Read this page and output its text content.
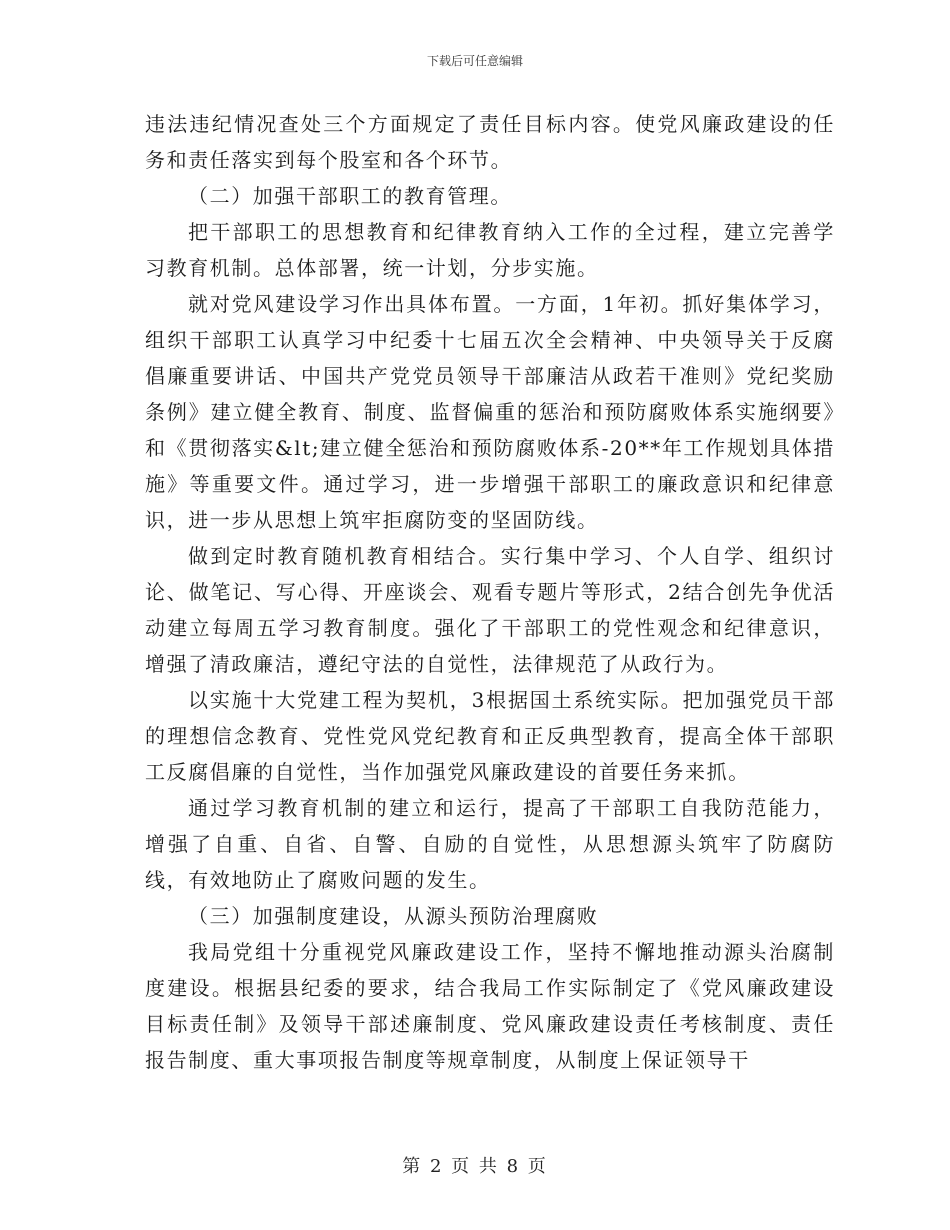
下载后可任意编辑

违法违纪情况查处三个方面规定了责任目标内容。使党风廉政建设的任务和责任落实到每个股室和各个环节。

（二）加强干部职工的教育管理。

把干部职工的思想教育和纪律教育纳入工作的全过程，建立完善学习教育机制。总体部署，统一计划，分步实施。

就对党风建设学习作出具体布置。一方面，1年初。抓好集体学习，组织干部职工认真学习中纪委十七届五次全会精神、中央领导关于反腐倡廉重要讲话、中国共产党党员领导干部廉洁从政若干准则》党纪奖励条例》建立健全教育、制度、监督偏重的惩治和预防腐败体系实施纲要》和《贯彻落实&lt;建立健全惩治和预防腐败体系-20**年工作规划具体措施》等重要文件。通过学习，进一步增强干部职工的廉政意识和纪律意识，进一步从思想上筑牢拒腐防变的坚固防线。

做到定时教育随机教育相结合。实行集中学习、个人自学、组织讨论、做笔记、写心得、开座谈会、观看专题片等形式，2结合创先争优活动建立每周五学习教育制度。强化了干部职工的党性观念和纪律意识，增强了清政廉洁，遵纪守法的自觉性，法律规范了从政行为。

以实施十大党建工程为契机，3根据国土系统实际。把加强党员干部的理想信念教育、党性党风党纪教育和正反典型教育，提高全体干部职工反腐倡廉的自觉性，当作加强党风廉政建设的首要任务来抓。

通过学习教育机制的建立和运行，提高了干部职工自我防范能力，增强了自重、自省、自警、自励的自觉性，从思想源头筑牢了防腐防线，有效地防止了腐败问题的发生。

（三）加强制度建设，从源头预防治理腐败

我局党组十分重视党风廉政建设工作，坚持不懈地推动源头治腐制度建设。根据县纪委的要求，结合我局工作实际制定了《党风廉政建设目标责任制》及领导干部述廉制度、党风廉政建设责任考核制度、责任报告制度、重大事项报告制度等规章制度，从制度上保证领导干

第 2 页 共 8 页
